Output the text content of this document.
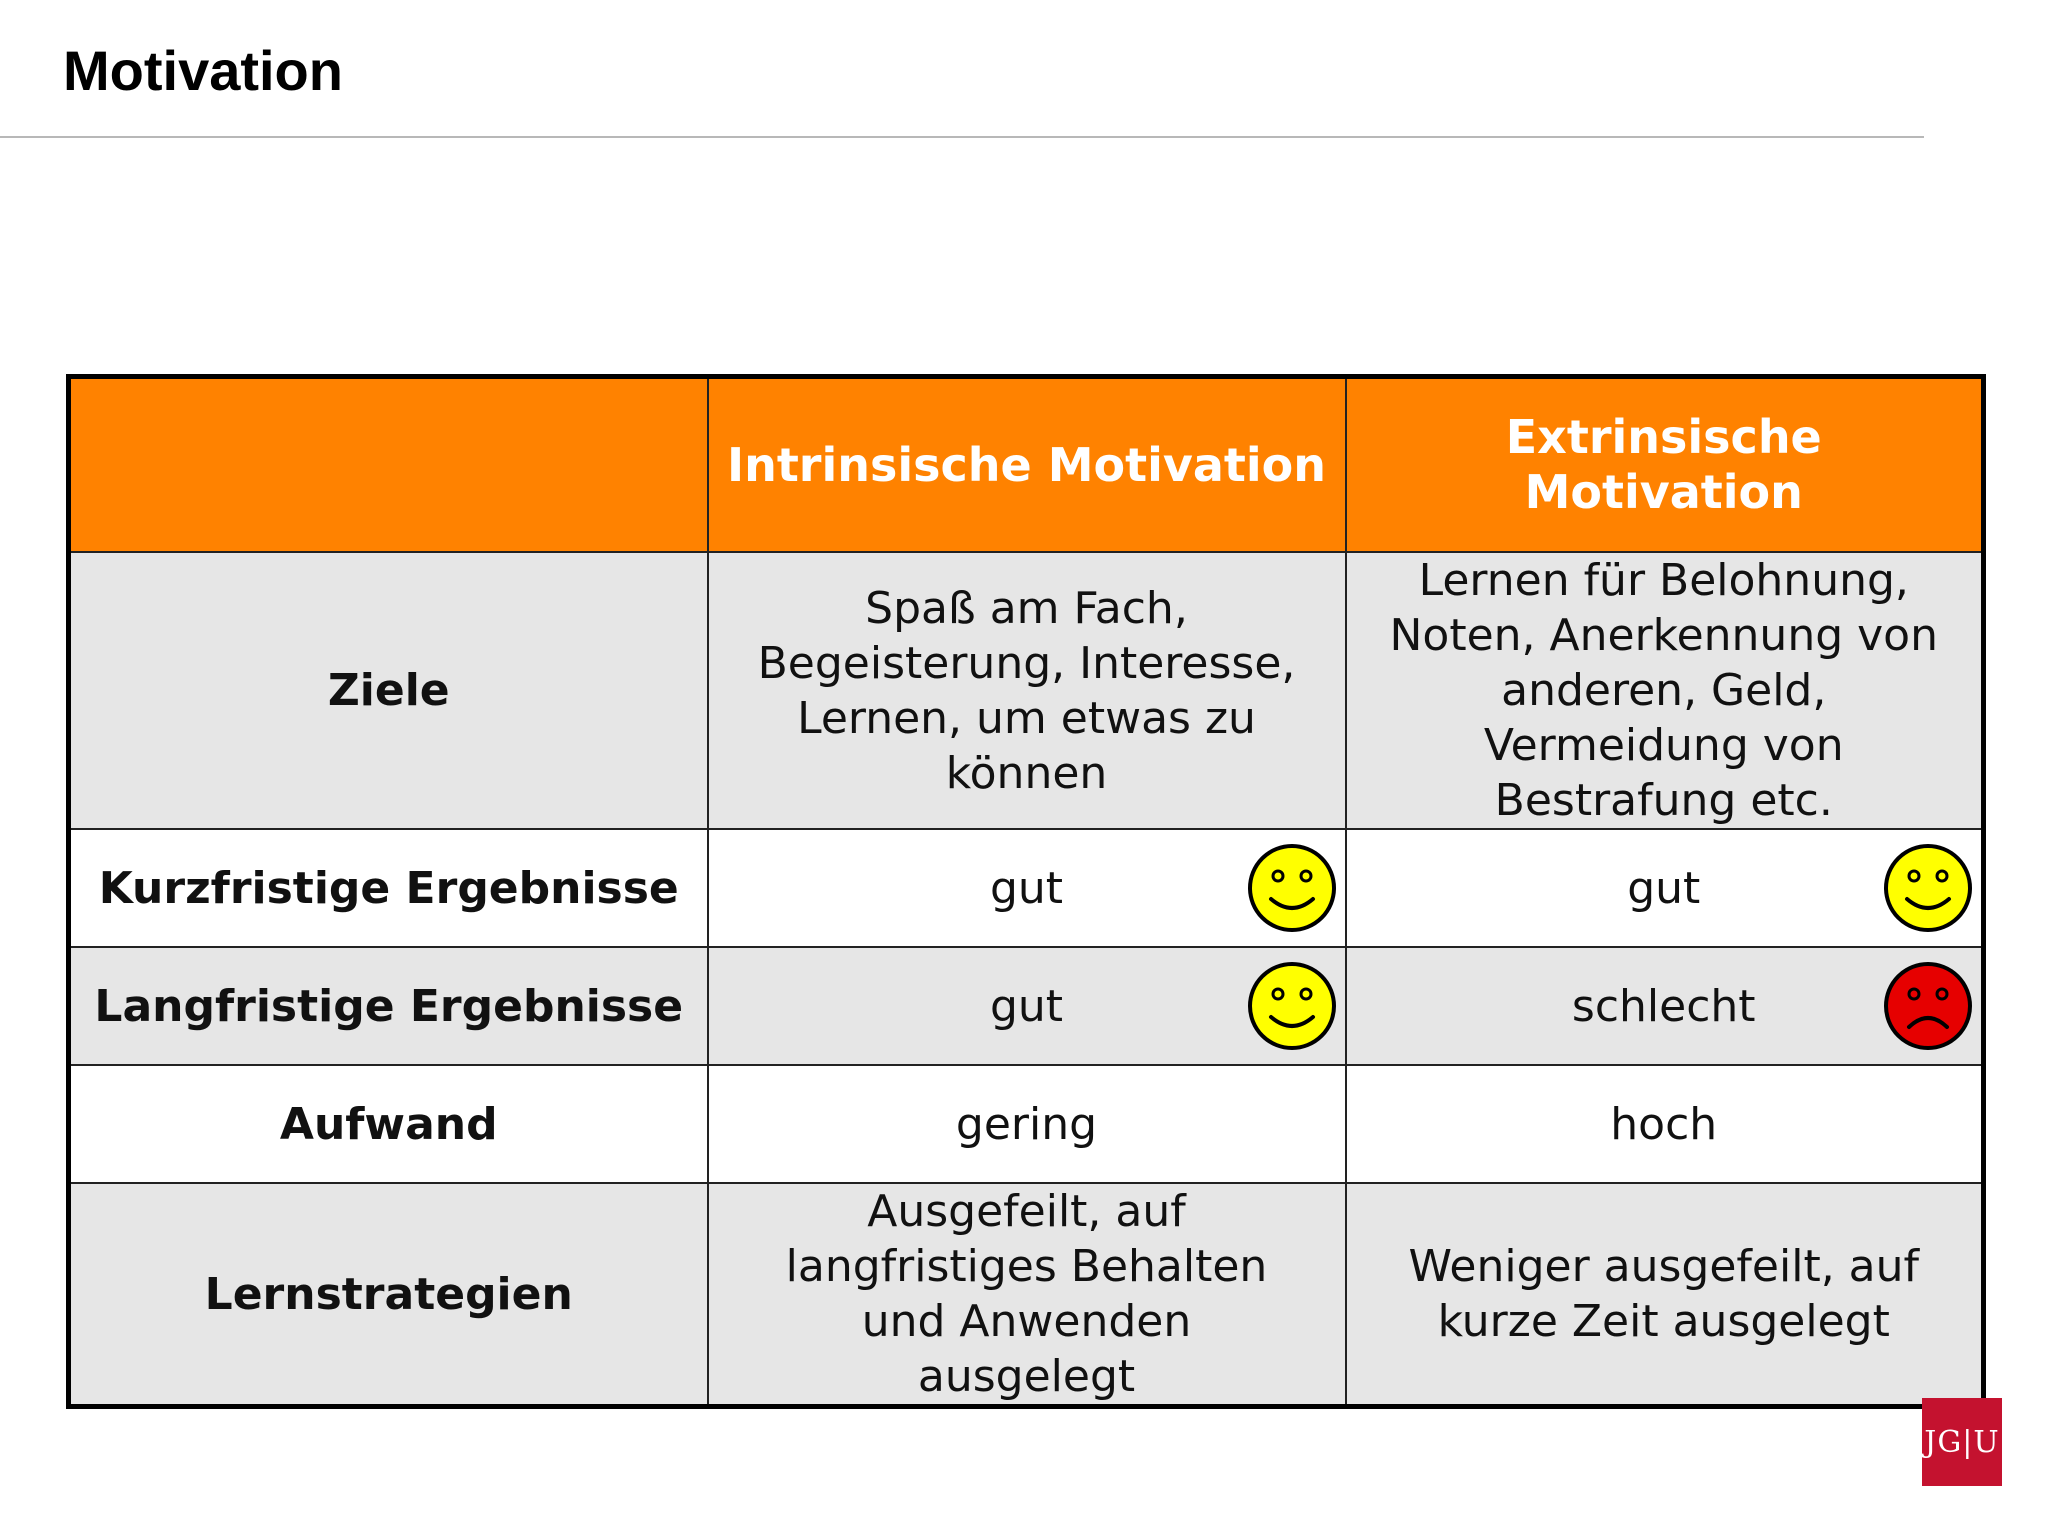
Motivation
	Intrinsische Motivation	Extrinsische Motivation
Ziele	Spaß am Fach, Begeisterung, Interesse, Lernen, um etwas zu können	Lernen für Belohnung, Noten, Anerkennung von anderen, Geld, Vermeidung von Bestrafung etc.
Kurzfristige Ergebnisse	gut	gut

Langfristige Ergebnisse	gut	schlecht

Aufwand	gering	hoch
Lernstrategien	Ausgefeilt, auf langfristiges Behalten und Anwenden ausgelegt	Weniger ausgefeilt, auf kurze Zeit ausgelegt
JG|U
